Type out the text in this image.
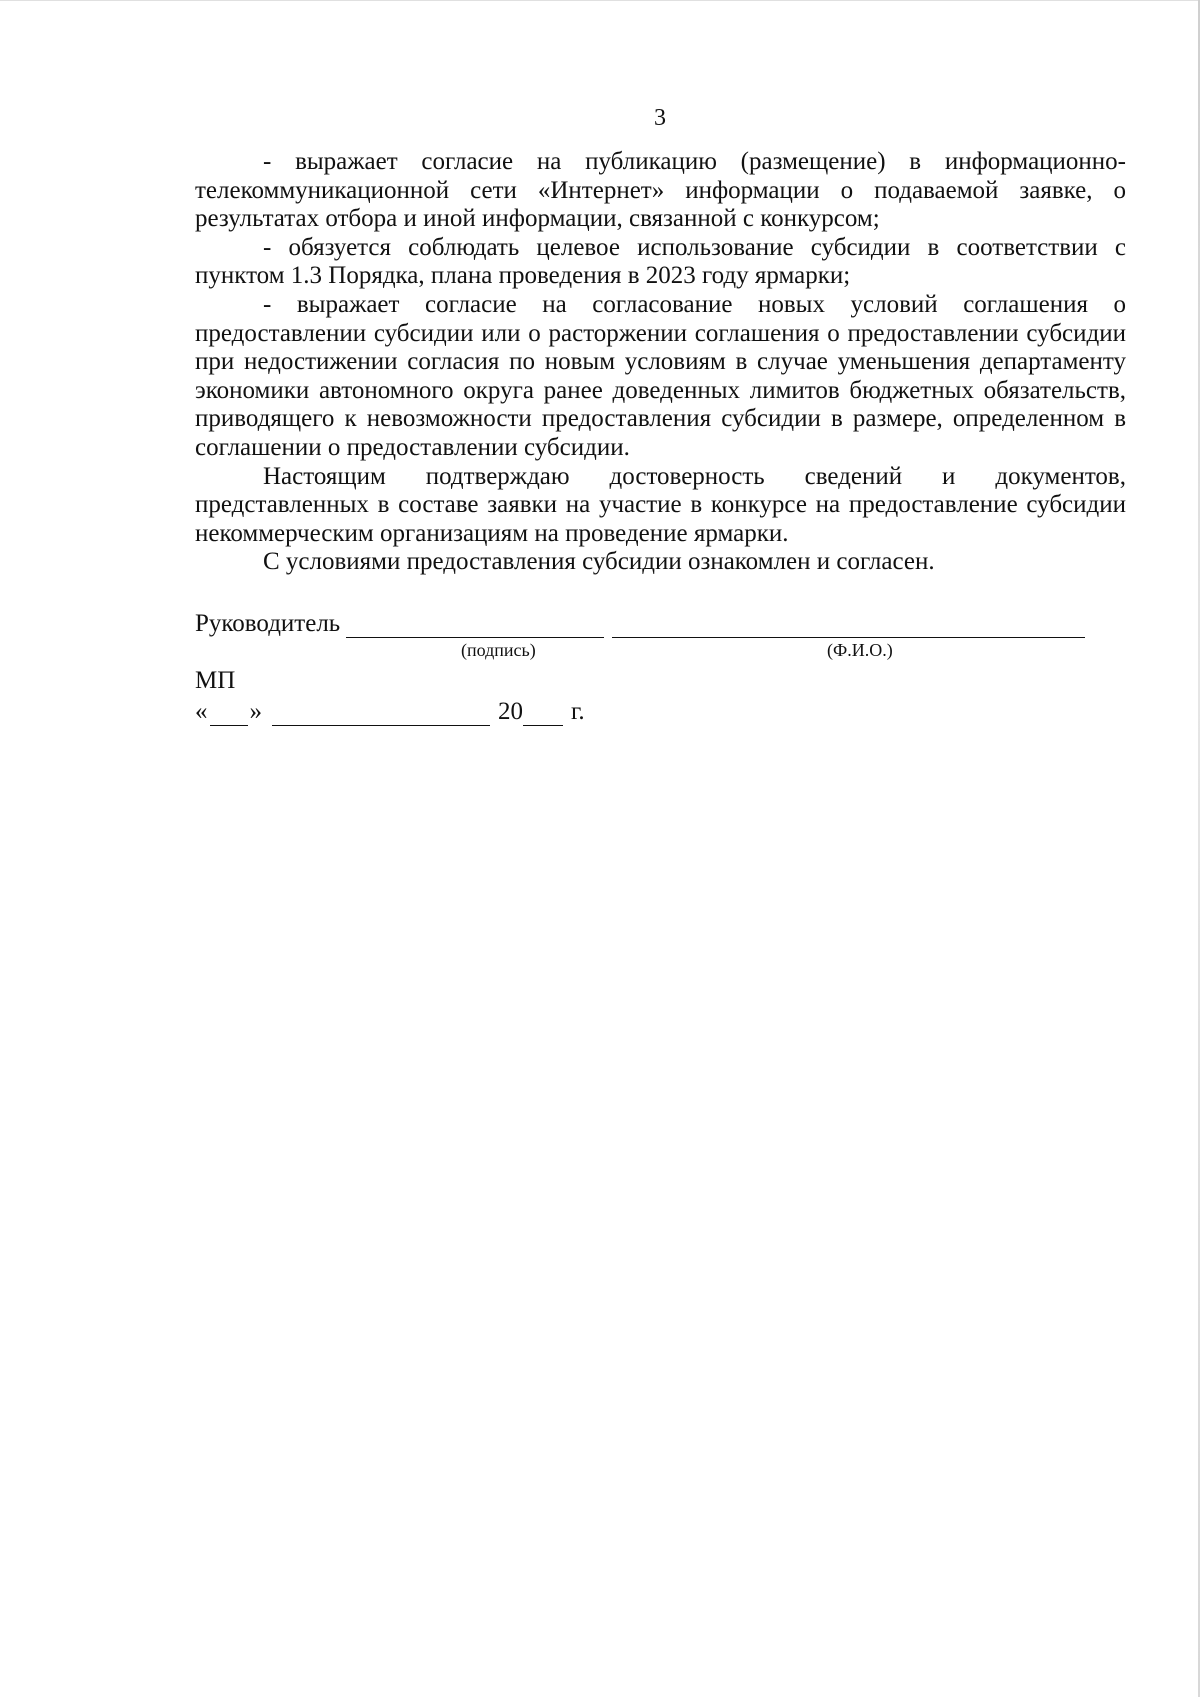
3

- выражает согласие на публикацию (размещение) в информационно-телекоммуникационной сети «Интернет» информации о подаваемой заявке, о результатах отбора и иной информации, связанной с конкурсом;

- обязуется соблюдать целевое использование субсидии в соответствии с пунктом 1.3 Порядка, плана проведения в 2023 году ярмарки;

- выражает согласие на согласование новых условий соглашения о предоставлении субсидии или о расторжении соглашения о предоставлении субсидии при недостижении согласия по новым условиям в случае уменьшения департаменту экономики автономного округа ранее доведенных лимитов бюджетных обязательств, приводящего к невозможности предоставления субсидии в размере, определенном в соглашении о предоставлении субсидии.

Настоящим подтверждаю достоверность сведений и документов, представленных в составе заявки на участие в конкурсе на предоставление субсидии некоммерческим организациям на проведение ярмарки.

С условиями предоставления субсидии ознакомлен и согласен.

Руководитель
(подпись)	(Ф.И.О.)
МП
« »	20 г.
